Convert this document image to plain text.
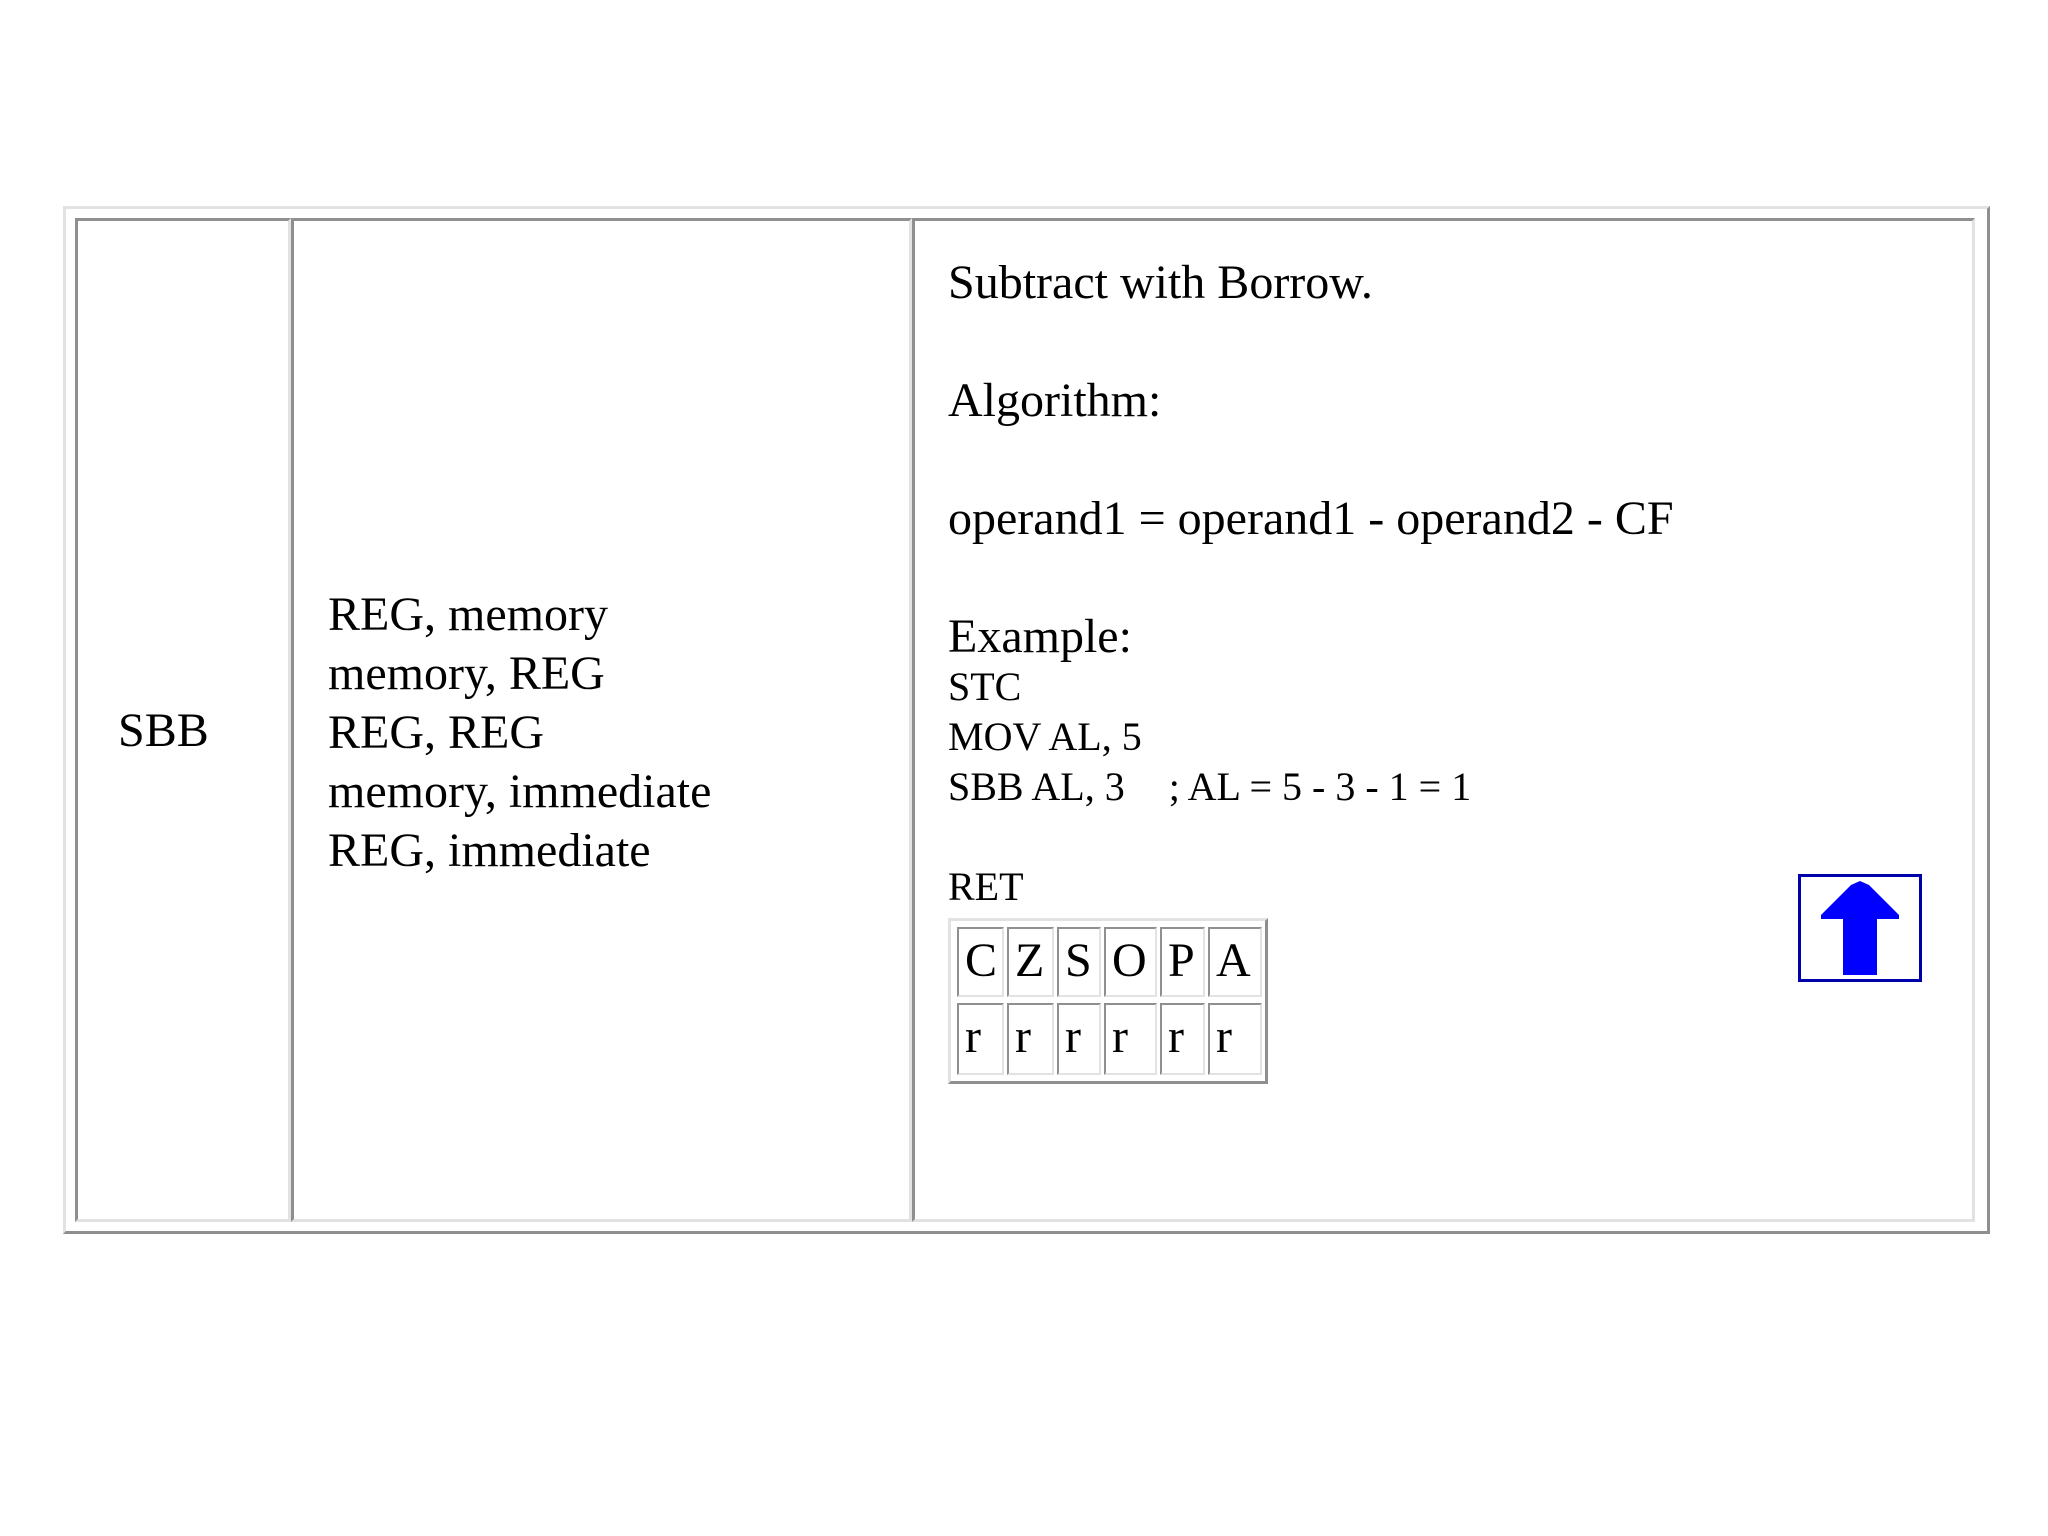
SBB
REG, memory
memory, REG
REG, REG
memory, immediate
REG, immediate
Subtract with Borrow.
Algorithm:
operand1 = operand1 - operand2 - CF
Example:
STC
MOV AL, 5
SBB AL, 3 ; AL = 5 - 3 - 1 = 1
RET
C Z S O P A
r r r r r r
